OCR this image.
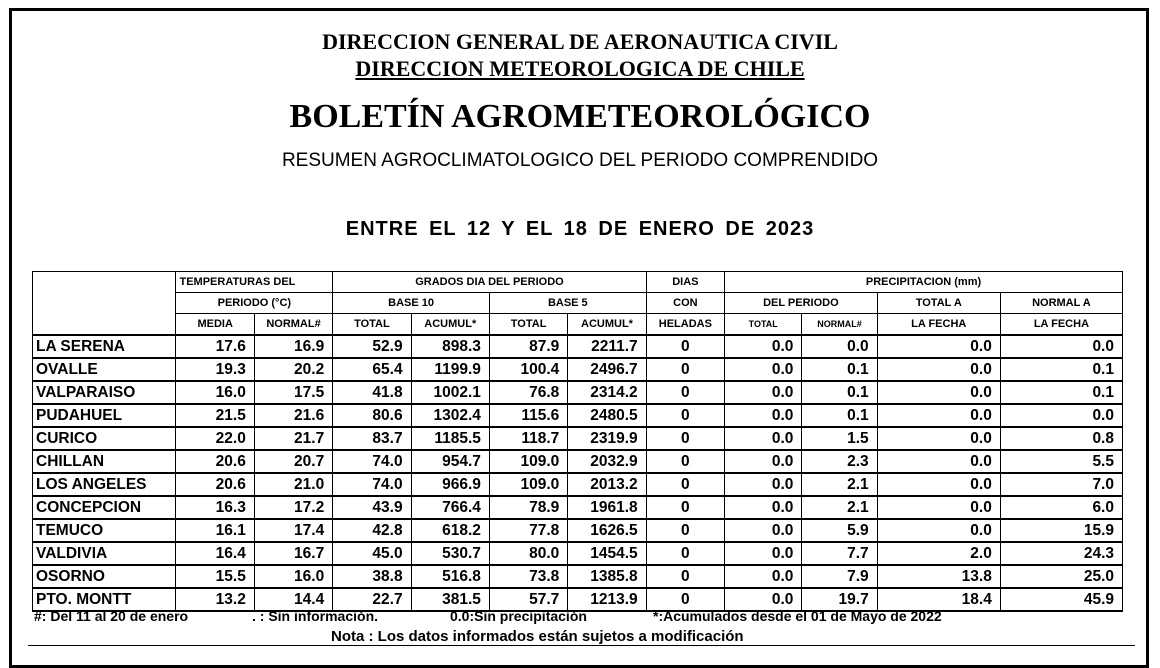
DIRECCION GENERAL DE AERONAUTICA CIVIL
DIRECCION METEOROLOGICA DE CHILE
BOLETÍN AGROMETEOROLÓGICO
RESUMEN AGROCLIMATOLOGICO DEL PERIODO COMPRENDIDO
ENTRE EL 12 Y EL 18 DE ENERO DE 2023
	TEMPERATURAS DEL		GRADOS DIA DEL PERIODO				DIAS	PRECIPITACION (mm)			
	PERIODO (°C)		BASE 10		BASE 5		CON	DEL PERIODO		TOTAL A	NORMAL A
	MEDIA	NORMAL#	TOTAL	ACUMUL*	TOTAL	ACUMUL*	HELADAS	TOTAL	NORMAL#	LA FECHA	LA FECHA
LA SERENA	17.6	16.9	52.9	898.3	87.9	2211.7	0	0.0	0.0	0.0	0.0
OVALLE	19.3	20.2	65.4	1199.9	100.4	2496.7	0	0.0	0.1	0.0	0.1
VALPARAISO	16.0	17.5	41.8	1002.1	76.8	2314.2	0	0.0	0.1	0.0	0.1
PUDAHUEL	21.5	21.6	80.6	1302.4	115.6	2480.5	0	0.0	0.1	0.0	0.0
CURICO	22.0	21.7	83.7	1185.5	118.7	2319.9	0	0.0	1.5	0.0	0.8
CHILLAN	20.6	20.7	74.0	954.7	109.0	2032.9	0	0.0	2.3	0.0	5.5
LOS ANGELES	20.6	21.0	74.0	966.9	109.0	2013.2	0	0.0	2.1	0.0	7.0
CONCEPCION	16.3	17.2	43.9	766.4	78.9	1961.8	0	0.0	2.1	0.0	6.0
TEMUCO	16.1	17.4	42.8	618.2	77.8	1626.5	0	0.0	5.9	0.0	15.9
VALDIVIA	16.4	16.7	45.0	530.7	80.0	1454.5	0	0.0	7.7	2.0	24.3
OSORNO	15.5	16.0	38.8	516.8	73.8	1385.8	0	0.0	7.9	13.8	25.0
PTO. MONTT	13.2	14.4	22.7	381.5	57.7	1213.9	0	0.0	19.7	18.4	45.9
#: Del 11 al 20 de enero	. : Sin información.	0.0:Sin precipitación	*:Acumulados desde el 01 de Mayo de 2022
Nota : Los datos informados están sujetos a modificación
